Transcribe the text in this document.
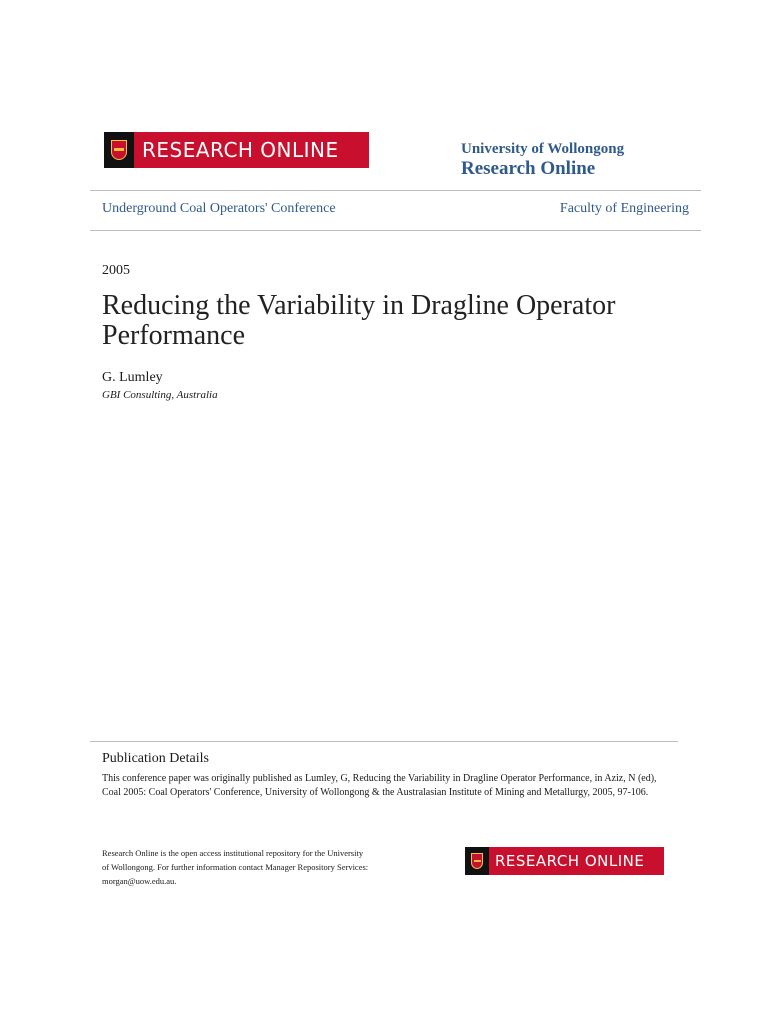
RESEARCH ONLINE	University of Wollongong
Research Online
Underground Coal Operators' Conference	Faculty of Engineering
2005
Reducing the Variability in Dragline Operator Performance
G. Lumley
GBI Consulting, Australia
Publication Details
This conference paper was originally published as Lumley, G, Reducing the Variability in Dragline Operator Performance, in Aziz, N (ed), Coal 2005: Coal Operators' Conference, University of Wollongong & the Australasian Institute of Mining and Metallurgy, 2005, 97-106.
Research Online is the open access institutional repository for the University of Wollongong. For further information contact Manager Repository Services: morgan@uow.edu.au.
RESEARCH ONLINE
